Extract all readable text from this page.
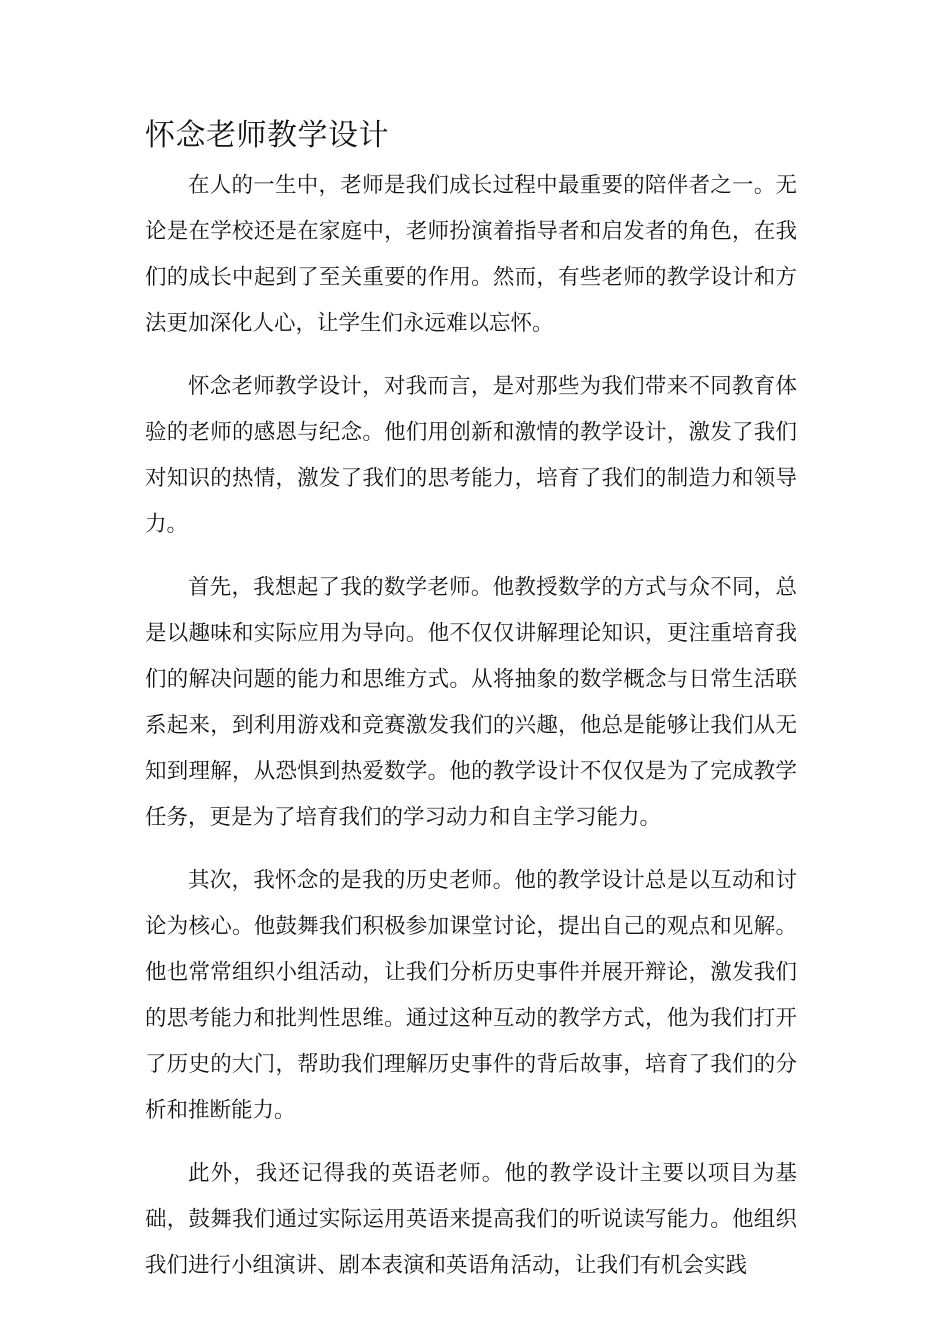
怀念老师教学设计

在人的一生中，老师是我们成长过程中最重要的陪伴者之一。无论是在学校还是在家庭中，老师扮演着指导者和启发者的角色，在我们的成长中起到了至关重要的作用。然而，有些老师的教学设计和方法更加深化人心，让学生们永远难以忘怀。

怀念老师教学设计，对我而言，是对那些为我们带来不同教育体验的老师的感恩与纪念。他们用创新和激情的教学设计，激发了我们对知识的热情，激发了我们的思考能力，培育了我们的制造力和领导力。

首先，我想起了我的数学老师。他教授数学的方式与众不同，总是以趣味和实际应用为导向。他不仅仅讲解理论知识，更注重培育我们的解决问题的能力和思维方式。从将抽象的数学概念与日常生活联系起来，到利用游戏和竞赛激发我们的兴趣，他总是能够让我们从无知到理解，从恐惧到热爱数学。他的教学设计不仅仅是为了完成教学任务，更是为了培育我们的学习动力和自主学习能力。

其次，我怀念的是我的历史老师。他的教学设计总是以互动和讨论为核心。他鼓舞我们积极参加课堂讨论，提出自己的观点和见解。他也常常组织小组活动，让我们分析历史事件并展开辩论，激发我们的思考能力和批判性思维。通过这种互动的教学方式，他为我们打开了历史的大门，帮助我们理解历史事件的背后故事，培育了我们的分析和推断能力。

此外，我还记得我的英语老师。他的教学设计主要以项目为基础，鼓舞我们通过实际运用英语来提高我们的听说读写能力。他组织我们进行小组演讲、剧本表演和英语角活动，让我们有机会实践
